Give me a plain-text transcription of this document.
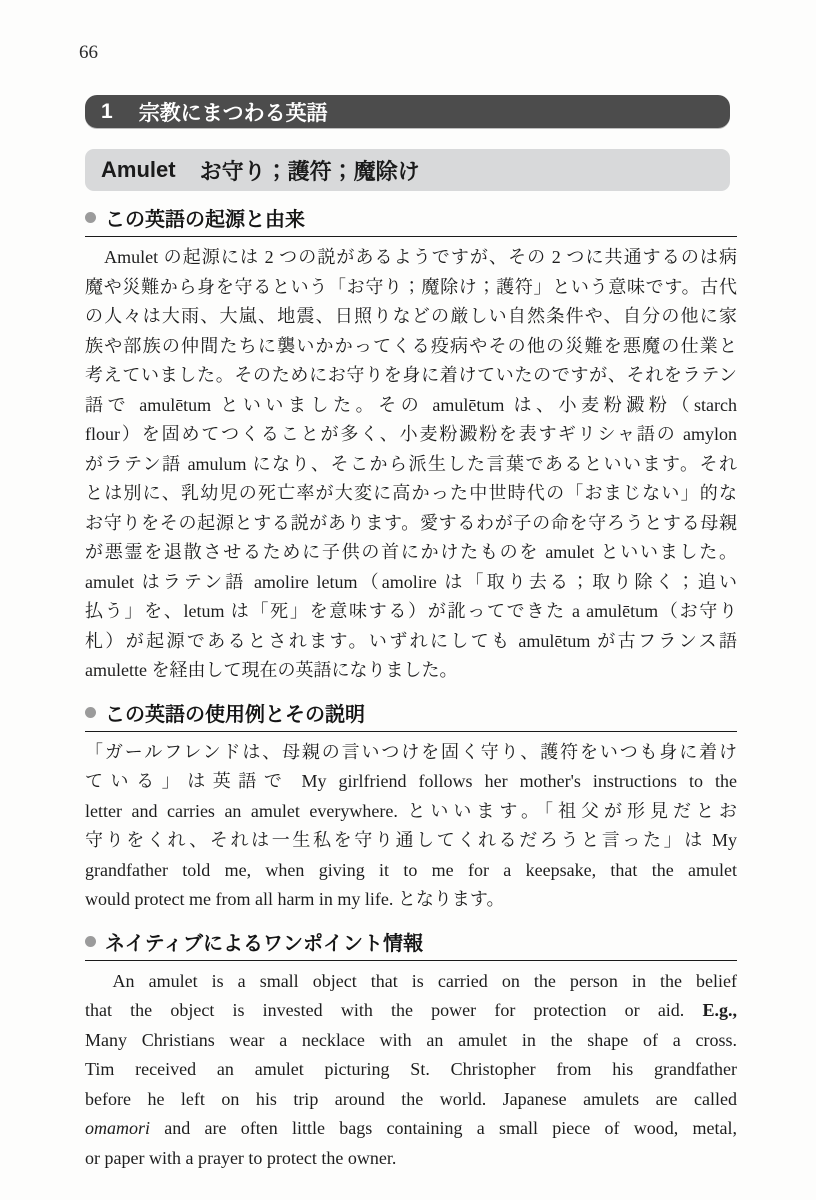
66
1 宗教にまつわる英語
Amulet お守り；護符；魔除け
この英語の起源と由来
　Amulet の起源には 2 つの説があるようですが、その 2 つに共通するのは病
魔や災難から身を守るという「お守り；魔除け；護符」という意味です。古代
の人々は大雨、大嵐、地震、日照りなどの厳しい自然条件や、自分の他に家
族や部族の仲間たちに襲いかかってくる疫病やその他の災難を悪魔の仕業と
考えていました。そのためにお守りを身に着けていたのですが、それをラテン
語で amulētum といいました。その amulētum は、小麦粉澱粉（starch
flour）を固めてつくることが多く、小麦粉澱粉を表すギリシャ語の amylon
がラテン語 amulum になり、そこから派生した言葉であるといいます。それ
とは別に、乳幼児の死亡率が大変に高かった中世時代の「おまじない」的な
お守りをその起源とする説があります。愛するわが子の命を守ろうとする母親
が悪霊を退散させるために子供の首にかけたものを amulet といいました。
amulet はラテン語 amolire letum（amolire は「取り去る；取り除く；追い
払う」を、letum は「死」を意味する）が訛ってできた a amulētum（お守り
札）が起源であるとされます。いずれにしても amulētum が古フランス語
amulette を経由して現在の英語になりました。
この英語の使用例とその説明
「ガールフレンドは、母親の言いつけを固く守り、護符をいつも身に着け
ている」は英語で My girlfriend follows her mother's instructions to the
letter and carries an amulet everywhere. といいます。「祖父が形見だとお
守りをくれ、それは一生私を守り通してくれるだろうと言った」は My
grandfather told me, when giving it to me for a keepsake, that the amulet
would protect me from all harm in my life. となります。
ネイティブによるワンポイント情報
　An amulet is a small object that is carried on the person in the belief
that the object is invested with the power for protection or aid. E.g.,
Many Christians wear a necklace with an amulet in the shape of a cross.
Tim received an amulet picturing St. Christopher from his grandfather
before he left on his trip around the world. Japanese amulets are called
omamori and are often little bags containing a small piece of wood, metal,
or paper with a prayer to protect the owner.
